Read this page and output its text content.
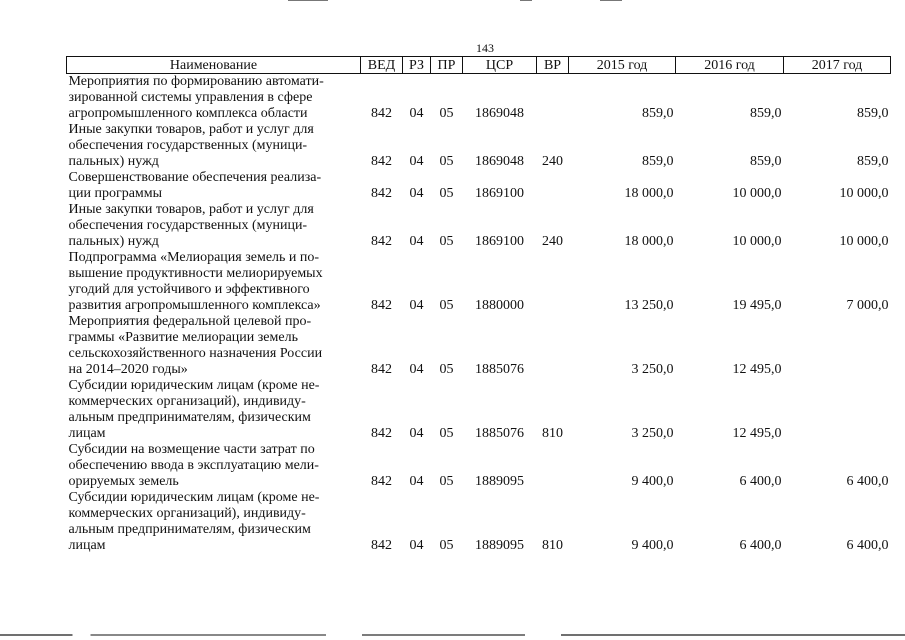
143
Наименование	ВЕД	РЗ	ПР	ЦСР	ВР	2015 год	2016 год	2017 год

Мероприятия по формированию автомати-
зированной системы управления в сфере
агропромышленного комплекса области	842	04	05	1869048		859,0	859,0	859,0

Иные закупки товаров, работ и услуг для
обеспечения государственных (муници-
пальных) нужд	842	04	05	1869048	240	859,0	859,0	859,0

Совершенствование обеспечения реализа-
ции программы	842	04	05	1869100		18 000,0	10 000,0	10 000,0

Иные закупки товаров, работ и услуг для
обеспечения государственных (муници-
пальных) нужд	842	04	05	1869100	240	18 000,0	10 000,0	10 000,0

Подпрограмма «Мелиорация земель и по-
вышение продуктивности мелиорируемых
угодий для устойчивого и эффективного
развития агропромышленного комплекса»	842	04	05	1880000		13 250,0	19 495,0	7 000,0

Мероприятия федеральной целевой про-
граммы «Развитие мелиорации земель
сельскохозяйственного назначения России
на 2014–2020 годы»	842	04	05	1885076		3 250,0	12 495,0	

Субсидии юридическим лицам (кроме не-
коммерческих организаций), индивиду-
альным предпринимателям, физическим
лицам	842	04	05	1885076	810	3 250,0	12 495,0	

Субсидии на возмещение части затрат по
обеспечению ввода в эксплуатацию мели-
орируемых земель	842	04	05	1889095		9 400,0	6 400,0	6 400,0

Субсидии юридическим лицам (кроме не-
коммерческих организаций), индивиду-
альным предпринимателям, физическим
лицам	842	04	05	1889095	810	9 400,0	6 400,0	6 400,0
